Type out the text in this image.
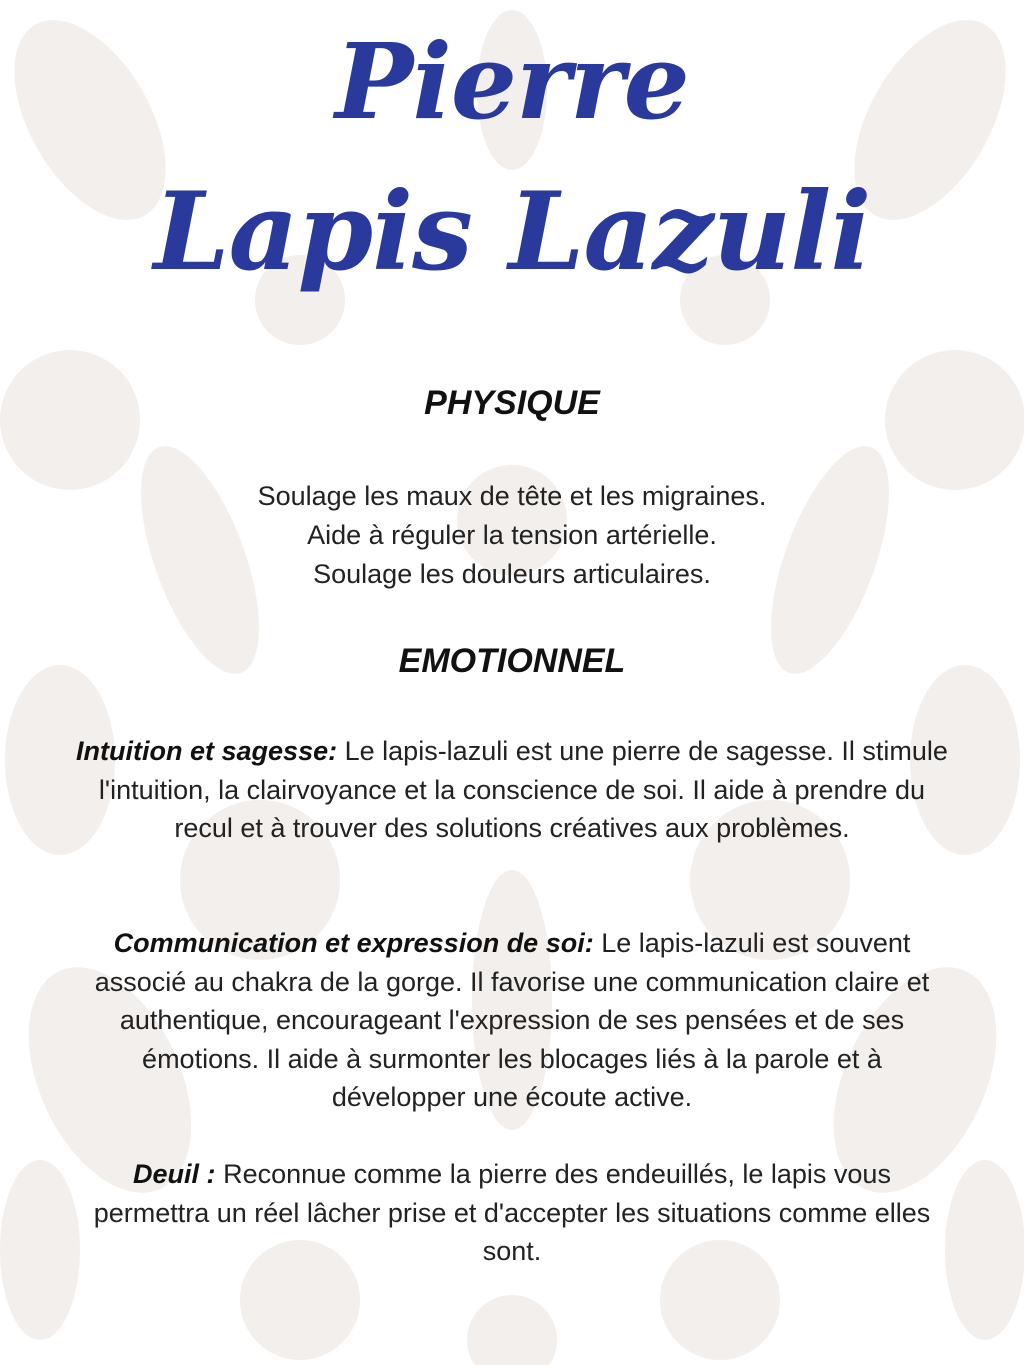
Pierre
Lapis Lazuli
PHYSIQUE
Soulage les maux de tête et les migraines.
Aide à réguler la tension artérielle.
Soulage les douleurs articulaires.
EMOTIONNEL

Intuition et sagesse: Le lapis-lazuli est une pierre de sagesse. Il stimule l'intuition, la clairvoyance et la conscience de soi. Il aide à prendre du recul et à trouver des solutions créatives aux problèmes.

Communication et expression de soi: Le lapis-lazuli est souvent associé au chakra de la gorge. Il favorise une communication claire et authentique, encourageant l'expression de ses pensées et de ses émotions. Il aide à surmonter les blocages liés à la parole et à développer une écoute active.

Deuil : Reconnue comme la pierre des endeuillés, le lapis vous permettra un réel lâcher prise et d'accepter les situations comme elles sont.
